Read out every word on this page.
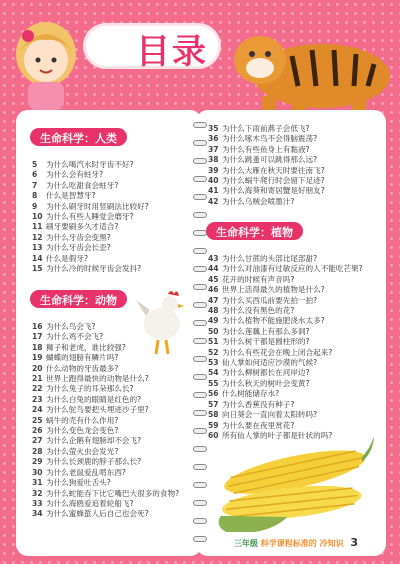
目录
生命科学：人类
5	为什么喝汽水时牙齿不好?
6	为什么会有蛀牙?
7	为什么吃甜食会蛀牙?
8	什么是智慧牙?
9	为什么刷牙时用竖刷法比较好?
10 为什么有些人睡觉会磨牙?
11 刷牙要刷多久才适合?
12 为什么牙齿会变黑?
13 为什么牙齿会长歪?
14 什么是假牙?
15 为什么冷的时候牙齿会发抖?
生命科学：动物
16 为什么鸟会飞?
17 为什么鸡不会飞?
18 狮子和老虎，谁比较强?
19 蝴蝶的翅膀有鳞片吗?
20 什么动物的牙齿最多?
21 世界上跑得最快的动物是什么?
22 为什么兔子的耳朵那么长?
23 为什么白兔的眼睛是红色的?
24 为什么鸵鸟要把头埋进沙子里?
25 蜗牛的壳有什么作用?
26 为什么变色龙会变色?
27 为什么企鹅有翅膀却不会飞?
28 为什么萤火虫会发光?
29 为什么长颈鹿的脖子那么长?
30 为什么老鼠爱乱啃东西?
31 为什么狗爱吐舌头?
32 为什么蛇能吞下比它嘴巴大很多的食物?
33 为什么海鸥爱追着轮船飞?
34 为什么蜜蜂蜇人后自己也会死?
35 为什么下雨前燕子会低飞?
36 为什么啄木鸟不会得脑震荡?
37 为什么有些鱼身上有黏液?
38 为什么跳蚤可以跳得那么远?
39 为什么大雁在秋天时要往南飞?
40 为什么蜗牛爬行时会留下足迹?
41 为什么海葵和寄居蟹是好朋友?
42 为什么乌贼会喷墨汁?
生命科学：植物
43 为什么甘蔗的头部比尾部甜?
44 为什么对油漆有过敏反应的人不能吃芒果?
45 花开的时候有声音吗?
46 世界上活得最久的植物是什么?
47 为什么买西瓜前要先拍一拍?
48 为什么没有黑色的花?
49 为什么植物不能施肥浇水太多?
50 为什么莲藕上有那么多洞?
51 为什么树干都是圆柱形的?
52 为什么有些花会在晚上闭合起来?
53 仙人掌如何适应沙漠的气候?
54 为什么柳树都长在河岸边?
55 为什么秋天的树叶会变黄?
56 什么树能储存水?
57 为什么香蕉没有种子?
58 向日葵会一直向着太阳转吗?
59 为什么要在夜里赏花?
60 所有仙人掌的叶子都是针状的吗?
三年级 科学课程标准的 冷知识 3
